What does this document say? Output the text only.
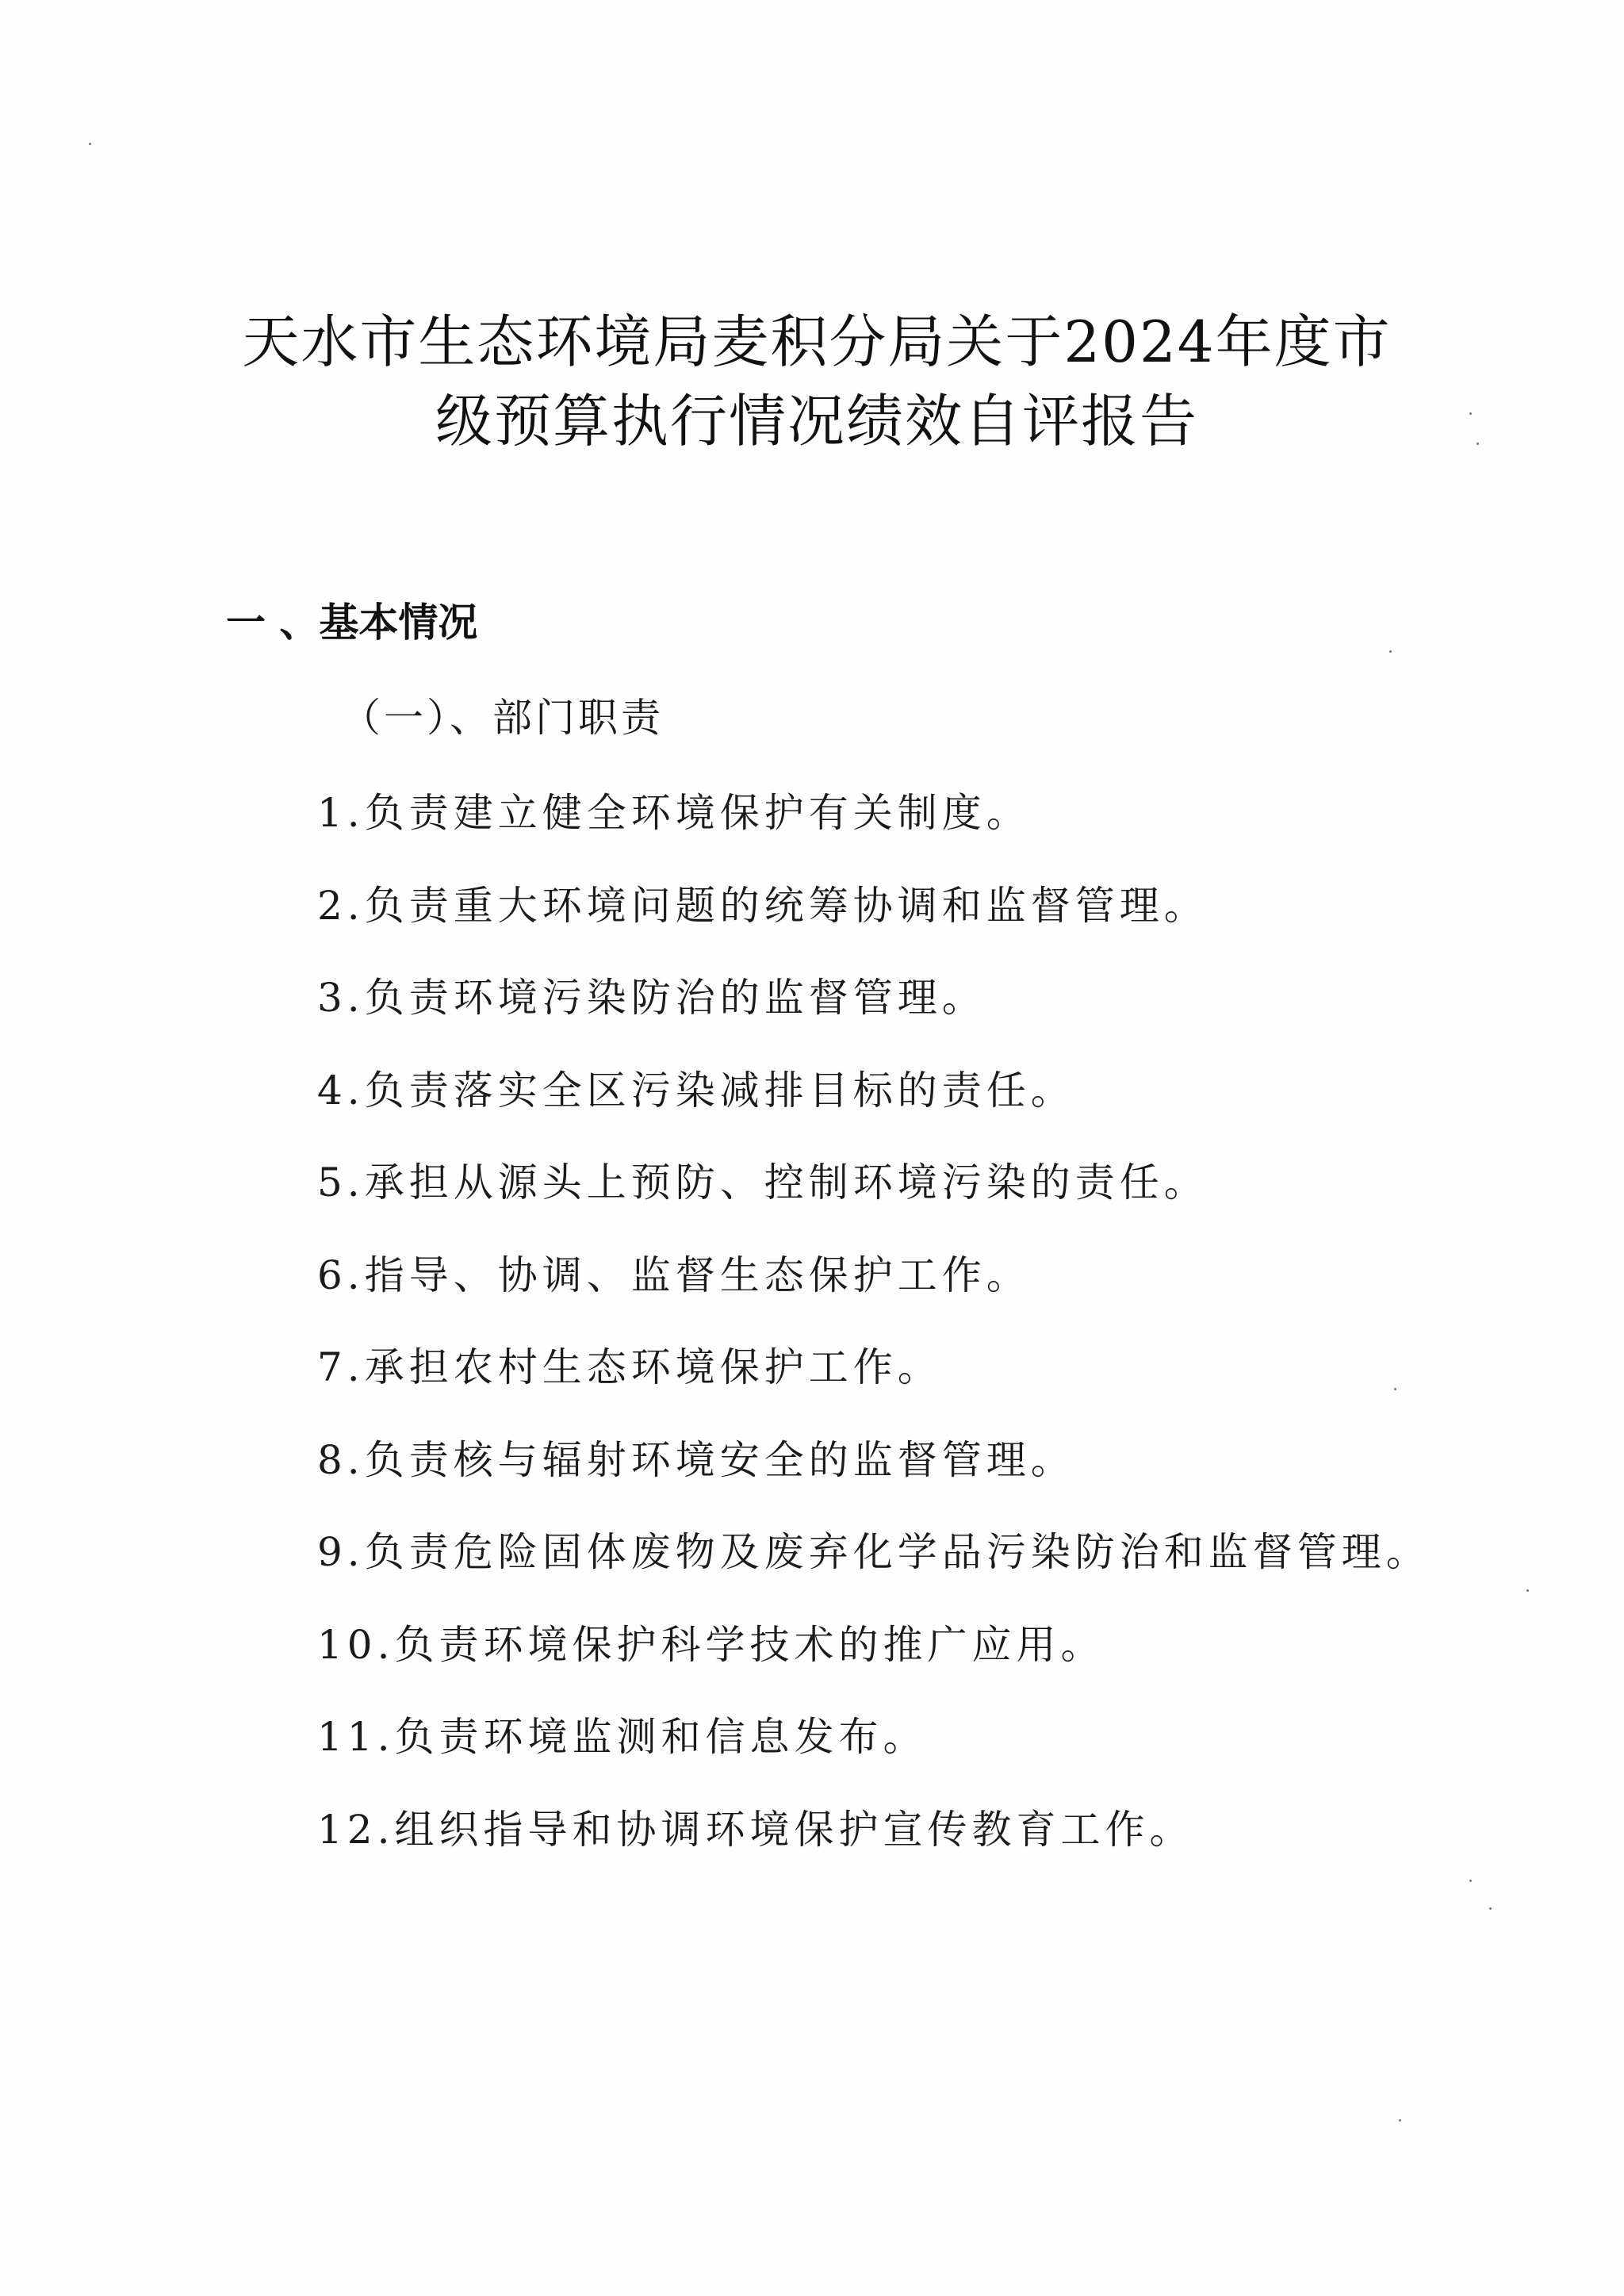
天水市生态环境局麦积分局关于2024年度市
级预算执行情况绩效自评报告
一 、基本情况
（一）、部门职责
1.负责建立健全环境保护有关制度。
2.负责重大环境问题的统筹协调和监督管理。
3.负责环境污染防治的监督管理。
4.负责落实全区污染减排目标的责任。
5.承担从源头上预防、控制环境污染的责任。
6.指导、协调、监督生态保护工作。
7.承担农村生态环境保护工作。
8.负责核与辐射环境安全的监督管理。
9.负责危险固体废物及废弃化学品污染防治和监督管理。
10.负责环境保护科学技术的推广应用。
11.负责环境监测和信息发布。
12.组织指导和协调环境保护宣传教育工作。
